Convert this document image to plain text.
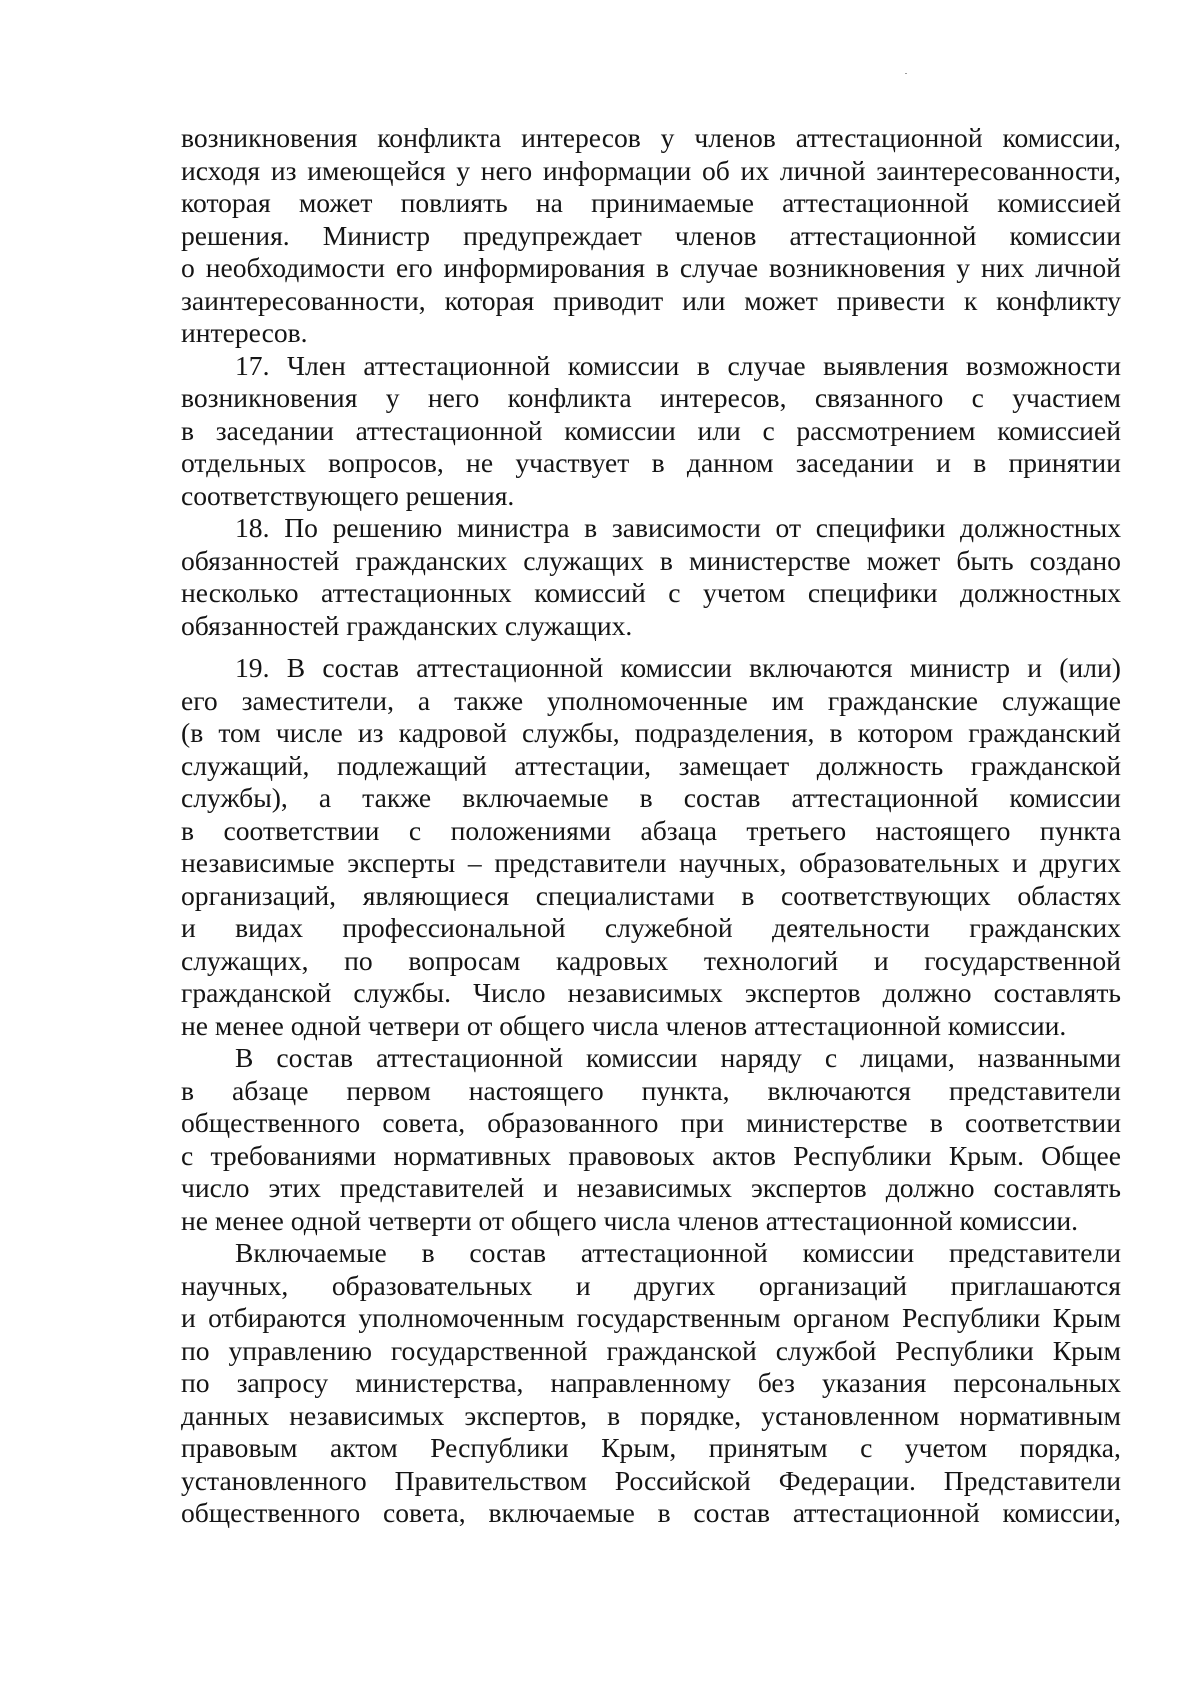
возникновения конфликта интересов у членов аттестационной комиссии,
исходя из имеющейся у него информации об их личной заинтересованности,
которая может повлиять на принимаемые аттестационной комиссией
решения. Министр предупреждает членов аттестационной комиссии
о необходимости его информирования в случае возникновения у них личной
заинтересованности, которая приводит или может привести к конфликту
интересов.
17. Член аттестационной комиссии в случае выявления возможности
возникновения у него конфликта интересов, связанного с участием
в заседании аттестационной комиссии или с рассмотрением комиссией
отдельных вопросов, не участвует в данном заседании и в принятии
соответствующего решения.
18. По решению министра в зависимости от специфики должностных
обязанностей гражданских служащих в министерстве может быть создано
несколько аттестационных комиссий с учетом специфики должностных
обязанностей гражданских служащих.
19. В состав аттестационной комиссии включаются министр и (или)
его заместители, а также уполномоченные им гражданские служащие
(в том числе из кадровой службы, подразделения, в котором гражданский
служащий, подлежащий аттестации, замещает должность гражданской
службы), а также включаемые в состав аттестационной комиссии
в соответствии с положениями абзаца третьего настоящего пункта
независимые эксперты – представители научных, образовательных и других
организаций, являющиеся специалистами в соответствующих областях
и видах профессиональной служебной деятельности гражданских
служащих, по вопросам кадровых технологий и государственной
гражданской службы. Число независимых экспертов должно составлять
не менее одной четвери от общего числа членов аттестационной комиссии.
В состав аттестационной комиссии наряду с лицами, названными
в абзаце первом настоящего пункта, включаются представители
общественного совета, образованного при министерстве в соответствии
с требованиями нормативных правовоых актов Республики Крым. Общее
число этих представителей и независимых экспертов должно составлять
не менее одной четверти от общего числа членов аттестационной комиссии.
Включаемые в состав аттестационной комиссии представители
научных, образовательных и других организаций приглашаются
и отбираются уполномоченным государственным органом Республики Крым
по управлению государственной гражданской службой Республики Крым
по запросу министерства, направленному без указания персональных
данных независимых экспертов, в порядке, установленном нормативным
правовым актом Республики Крым, принятым с учетом порядка,
установленного Правительством Российской Федерации. Представители
общественного совета, включаемые в состав аттестационной комиссии,
